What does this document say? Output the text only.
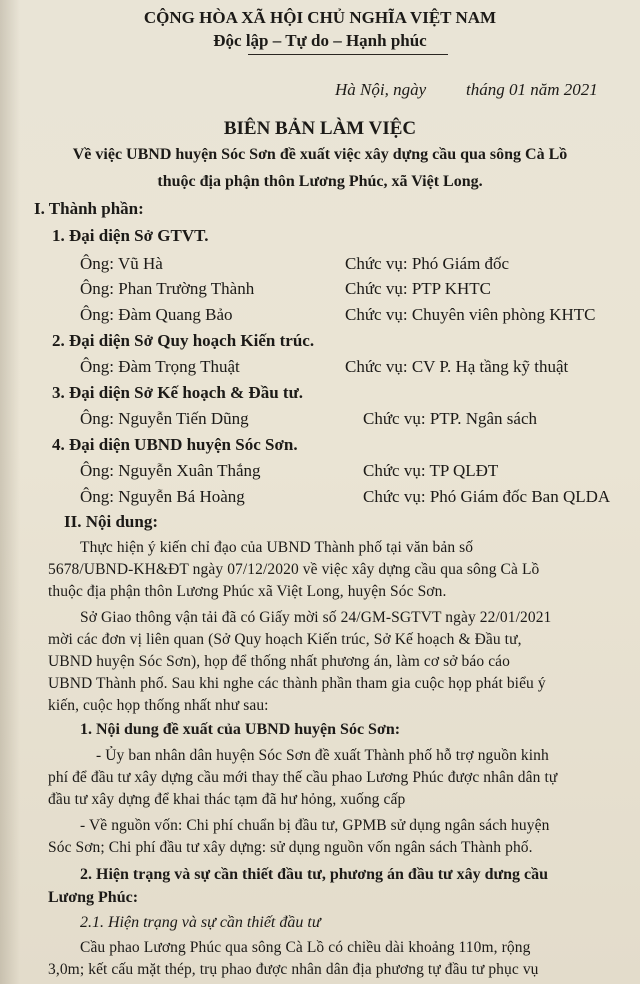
CỘNG HÒA XÃ HỘI CHỦ NGHĨA VIỆT NAM
Độc lập – Tự do – Hạnh phúc
Hà Nội, ngày tháng 01 năm 2021
BIÊN BẢN LÀM VIỆC
Về việc UBND huyện Sóc Sơn đề xuất việc xây dựng cầu qua sông Cà Lồ
thuộc địa phận thôn Lương Phúc, xã Việt Long.
I. Thành phần:
1. Đại diện Sở GTVT.
Ông: Vũ Hà	Chức vụ: Phó Giám đốc
Ông: Phan Trường Thành	Chức vụ: PTP KHTC
Ông: Đàm Quang Bảo	Chức vụ: Chuyên viên phòng KHTC
2. Đại diện Sở Quy hoạch Kiến trúc.
Ông: Đàm Trọng Thuật	Chức vụ: CV P. Hạ tầng kỹ thuật
3. Đại diện Sở Kế hoạch & Đầu tư.
Ông: Nguyễn Tiến Dũng	Chức vụ: PTP. Ngân sách
4. Đại diện UBND huyện Sóc Sơn.
Ông: Nguyễn Xuân Thắng	Chức vụ: TP QLĐT
Ông: Nguyễn Bá Hoàng	Chức vụ: Phó Giám đốc Ban QLDA
II. Nội dung:
Thực hiện ý kiến chỉ đạo của UBND Thành phố tại văn bản số
5678/UBND-KH&ĐT ngày 07/12/2020 về việc xây dựng cầu qua sông Cà Lồ
thuộc địa phận thôn Lương Phúc xã Việt Long, huyện Sóc Sơn.
Sở Giao thông vận tải đã có Giấy mời số 24/GM-SGTVT ngày 22/01/2021
mời các đơn vị liên quan (Sở Quy hoạch Kiến trúc, Sở Kế hoạch & Đầu tư,
UBND huyện Sóc Sơn), họp để thống nhất phương án, làm cơ sở báo cáo
UBND Thành phố. Sau khi nghe các thành phần tham gia cuộc họp phát biểu ý
kiến, cuộc họp thống nhất như sau:
1. Nội dung đề xuất của UBND huyện Sóc Sơn:
- Ủy ban nhân dân huyện Sóc Sơn đề xuất Thành phố hỗ trợ nguồn kinh
phí để đầu tư xây dựng cầu mới thay thế cầu phao Lương Phúc được nhân dân tự
đầu tư xây dựng để khai thác tạm đã hư hỏng, xuống cấp
- Về nguồn vốn: Chi phí chuẩn bị đầu tư, GPMB sử dụng ngân sách huyện
Sóc Sơn; Chi phí đầu tư xây dựng: sử dụng nguồn vốn ngân sách Thành phố.
2. Hiện trạng và sự cần thiết đầu tư, phương án đầu tư xây dưng cầu
Lương Phúc:
2.1. Hiện trạng và sự cần thiết đầu tư
Cầu phao Lương Phúc qua sông Cà Lồ có chiều dài khoảng 110m, rộng
3,0m; kết cấu mặt thép, trụ phao được nhân dân địa phương tự đầu tư phục vụ
